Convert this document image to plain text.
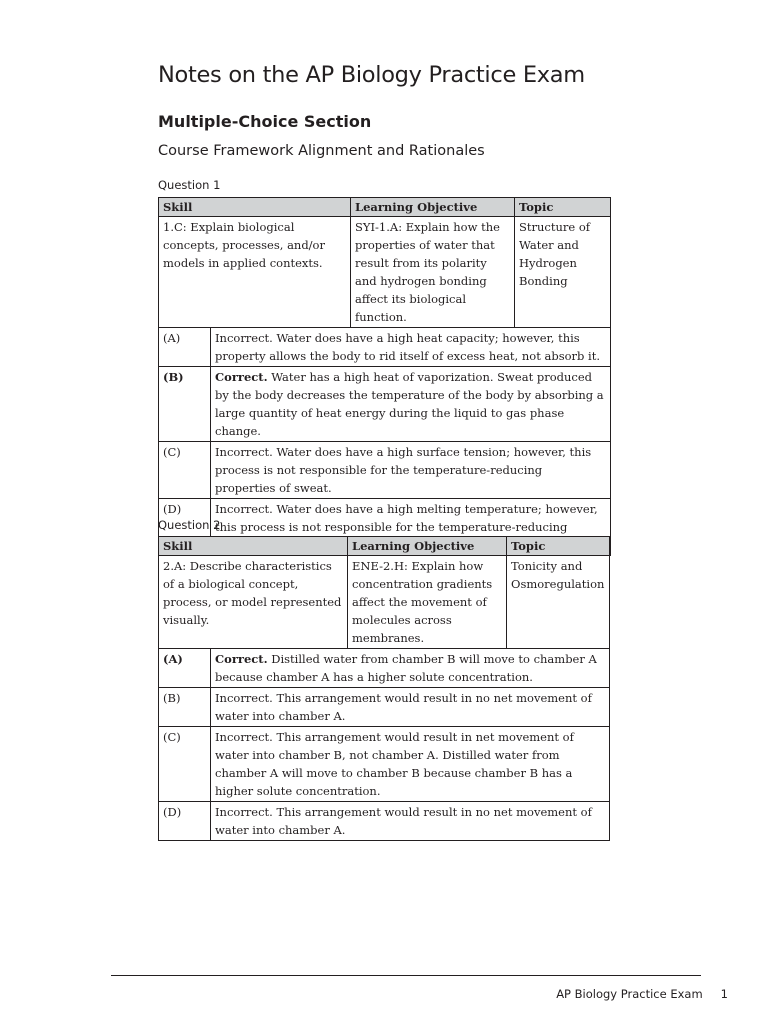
Notes on the AP Biology Practice Exam
Multiple-Choice Section
Course Framework Alignment and Rationales
Question 1
Skill		Learning Objective	Topic
1.C: Explain biological concepts, processes, and/or models in applied contexts.		SYI-1.A: Explain how the properties of water that result from its polarity and hydrogen bonding affect its biological function.	Structure of Water and Hydrogen Bonding
(A)	Incorrect. Water does have a high heat capacity; however, this property allows the body to rid itself of excess heat, not absorb it.		
(B)	Correct. Water has a high heat of vaporization. Sweat produced by the body decreases the temperature of the body by absorbing a large quantity of heat energy during the liquid to gas phase change.		
(C)	Incorrect. Water does have a high surface tension; however, this process is not responsible for the temperature-reducing properties of sweat.		
(D)	Incorrect. Water does have a high melting temperature; however, this process is not responsible for the temperature-reducing		
Question 2
Skill		Learning Objective	Topic
2.A: Describe characteristics of a biological concept, process, or model represented visually.		ENE-2.H: Explain how concentration gradients affect the movement of molecules across membranes.	Tonicity and Osmoregulation
(A)	Correct. Distilled water from chamber B will move to chamber A because chamber A has a higher solute concentration.		
(B)	Incorrect. This arrangement would result in no net movement of water into chamber A.		
(C)	Incorrect. This arrangement would result in net movement of water into chamber B, not chamber A. Distilled water from chamber A will move to chamber B because chamber B has a higher solute concentration.		
(D)	Incorrect. This arrangement would result in no net movement of water into chamber A.		
AP Biology Practice Exam 1
